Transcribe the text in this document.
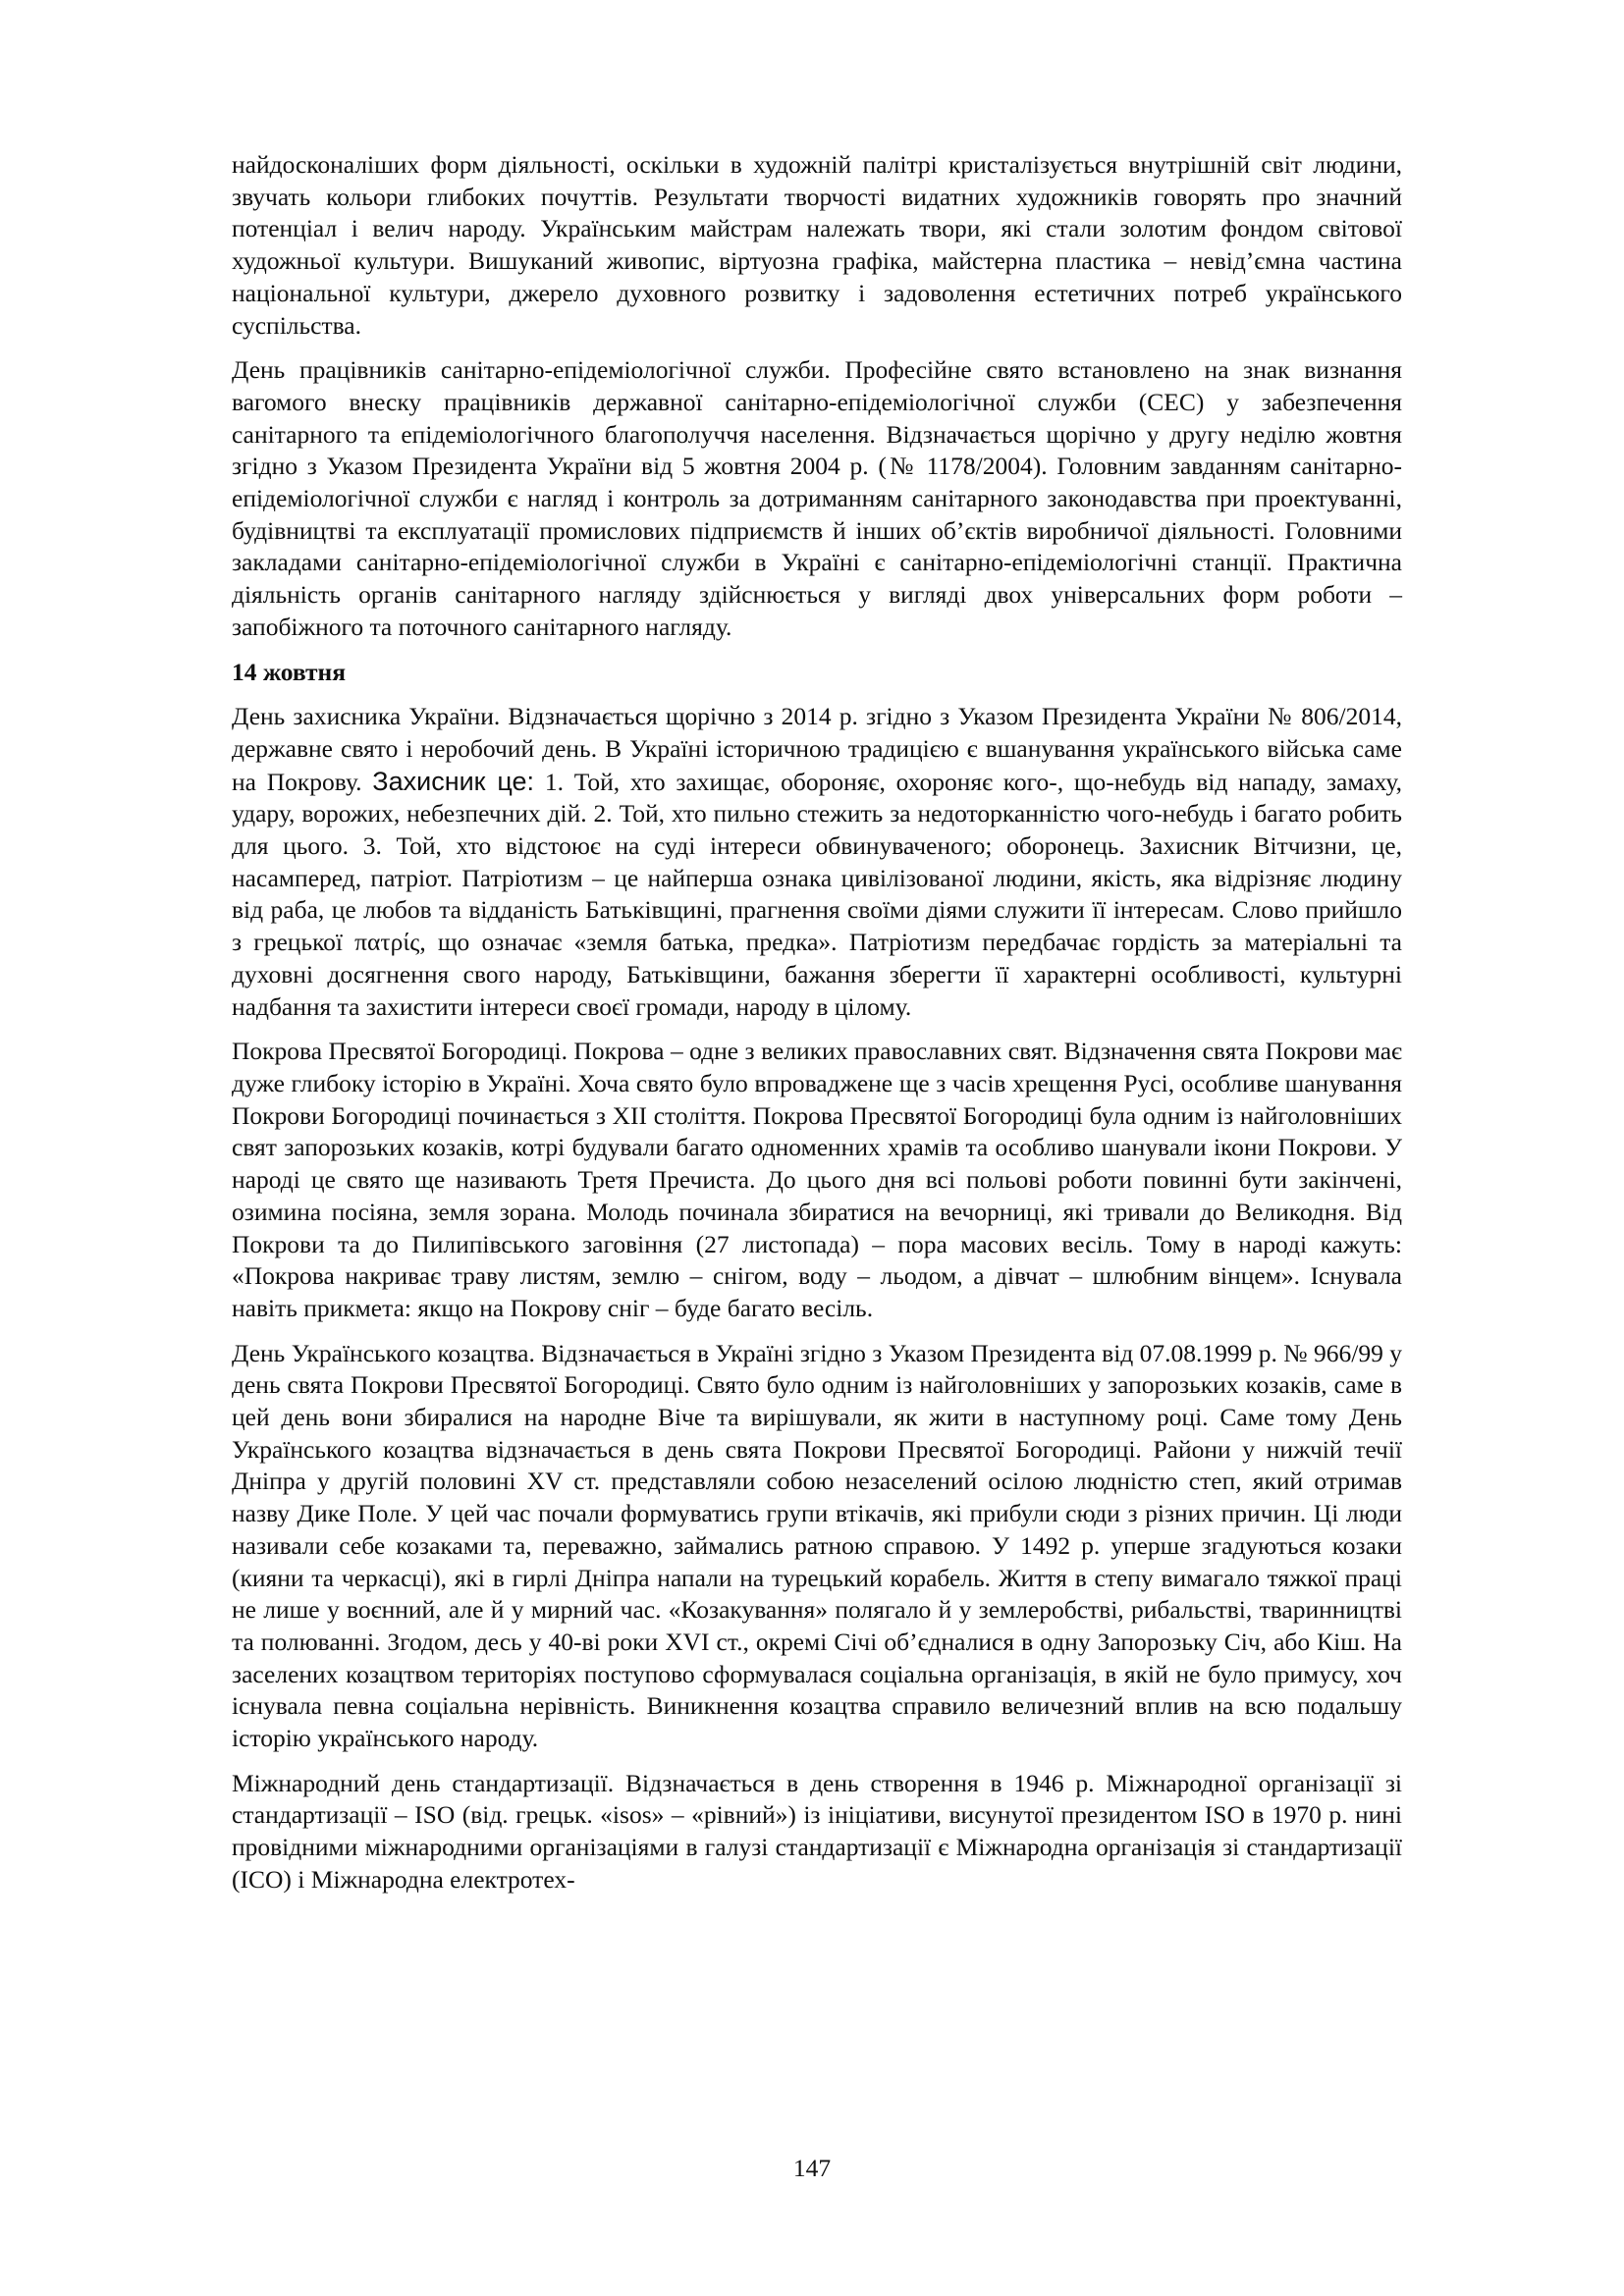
найдосконаліших форм діяльності, оскільки в художній палітрі кристалізується внутрішній світ людини, звучать кольори глибоких почуттів. Результати творчості видатних художників говорять про значний потенціал і велич народу. Українським майстрам належать твори, які стали золотим фондом світової художньої культури. Вишуканий живопис, віртуозна графіка, майстерна пластика – невід’ємна частина національної культури, джерело духовного розвитку і задоволення естетичних потреб українського суспільства.

День працівників санітарно-епідеміологічної служби. Професійне свято встановлено на знак визнання вагомого внеску працівників державної санітарно-епідеміологічної служби (СЕС) у забезпечення санітарного та епідеміологічного благополуччя населення. Відзначається щорічно у другу неділю жовтня згідно з Указом Президента України від 5 жовтня 2004 р. (№ 1178/2004). Головним завданням санітарно-епідеміологічної служби є нагляд і контроль за дотриманням санітарного законодавства при проектуванні, будівництві та експлуатації промислових підприємств й інших об’єктів виробничої діяльності. Головними закладами санітарно-епідеміологічної служби в Україні є санітарно-епідеміологічні станції. Практична діяльність органів санітарного нагляду здійснюється у вигляді двох універсальних форм роботи – запобіжного та поточного санітарного нагляду.

14 жовтня

День захисника України. Відзначається щорічно з 2014 р. згідно з Указом Президента України № 806/2014, державне свято і неробочий день. В Україні історичною традицією є вшанування українського війська саме на Покрову. Захисник це: 1. Той, хто захищає, обороняє, охороняє кого-, що-небудь від нападу, замаху, удару, ворожих, небезпечних дій. 2. Той, хто пильно стежить за недоторканністю чого-небудь і багато робить для цього. 3. Той, хто відстоює на суді інтереси обвинуваченого; оборонець. Захисник Вітчизни, це, насамперед, патріот. Патріотизм – це найперша ознака цивілізованої людини, якість, яка відрізняє людину від раба, це любов та відданість Батьківщині, прагнення своїми діями служити її інтересам. Слово прийшло з грецької πατρίς, що означає «земля батька, предка». Патріотизм передбачає гордість за матеріальні та духовні досягнення свого народу, Батьківщини, бажання зберегти її характерні особливості, культурні надбання та захистити інтереси своєї громади, народу в цілому.

Покрова Пресвятої Богородиці. Покрова – одне з великих православних свят. Відзначення свята Покрови має дуже глибоку історію в Україні. Хоча свято було впроваджене ще з часів хрещення Русі, особливе шанування Покрови Богородиці починається з XII століття. Покрова Пресвятої Богородиці була одним із найголовніших свят запорозьких козаків, котрі будували багато одноменних храмів та особливо шанували ікони Покрови. У народі це свято ще називають Третя Пречиста. До цього дня всі польові роботи повинні бути закінчені, озимина посіяна, земля зорана. Молодь починала збиратися на вечорниці, які тривали до Великодня. Від Покрови та до Пилипівського заговіння (27 листопада) – пора масових весіль. Тому в народі кажуть: «Покрова накриває траву листям, землю – снігом, воду – льодом, а дівчат – шлюбним вінцем». Існувала навіть прикмета: якщо на Покрову сніг – буде багато весіль.

День Українського козацтва. Відзначається в Україні згідно з Указом Президента від 07.08.1999 р. № 966/99 у день свята Покрови Пресвятої Богородиці. Свято було одним із найголовніших у запорозьких козаків, саме в цей день вони збиралися на народне Віче та вирішували, як жити в наступному році. Саме тому День Українського козацтва відзначається в день свята Покрови Пресвятої Богородиці. Райони у нижчій течії Дніпра у другій половині XV ст. представляли собою незаселений осілою людністю степ, який отримав назву Дике Поле. У цей час почали формуватись групи втікачів, які прибули сюди з різних причин. Ці люди називали себе козаками та, переважно, займались ратною справою. У 1492 р. уперше згадуються козаки (кияни та черкасці), які в гирлі Дніпра напали на турецький корабель. Життя в степу вимагало тяжкої праці не лише у воєнний, але й у мирний час. «Козакування» полягало й у землеробстві, рибальстві, тваринництві та полюванні. Згодом, десь у 40-ві роки XVI ст., окремі Січі об’єдналися в одну Запорозьку Січ, або Кіш. На заселених козацтвом територіях поступово сформувалася соціальна організація, в якій не було примусу, хоч існувала певна соціальна нерівність. Виникнення козацтва справило величезний вплив на всю подальшу історію українського народу.

Міжнародний день стандартизації. Відзначається в день створення в 1946 р. Міжнародної організації зі стандартизації – ISO (від. грецьк. «isos» – «рівний») із ініціативи, висунутої президентом ISO в 1970 р. нині провідними міжнародними організаціями в галузі стандартизації є Міжнародна організація зі стандартизації (ІСО) і Міжнародна електротех-

147
